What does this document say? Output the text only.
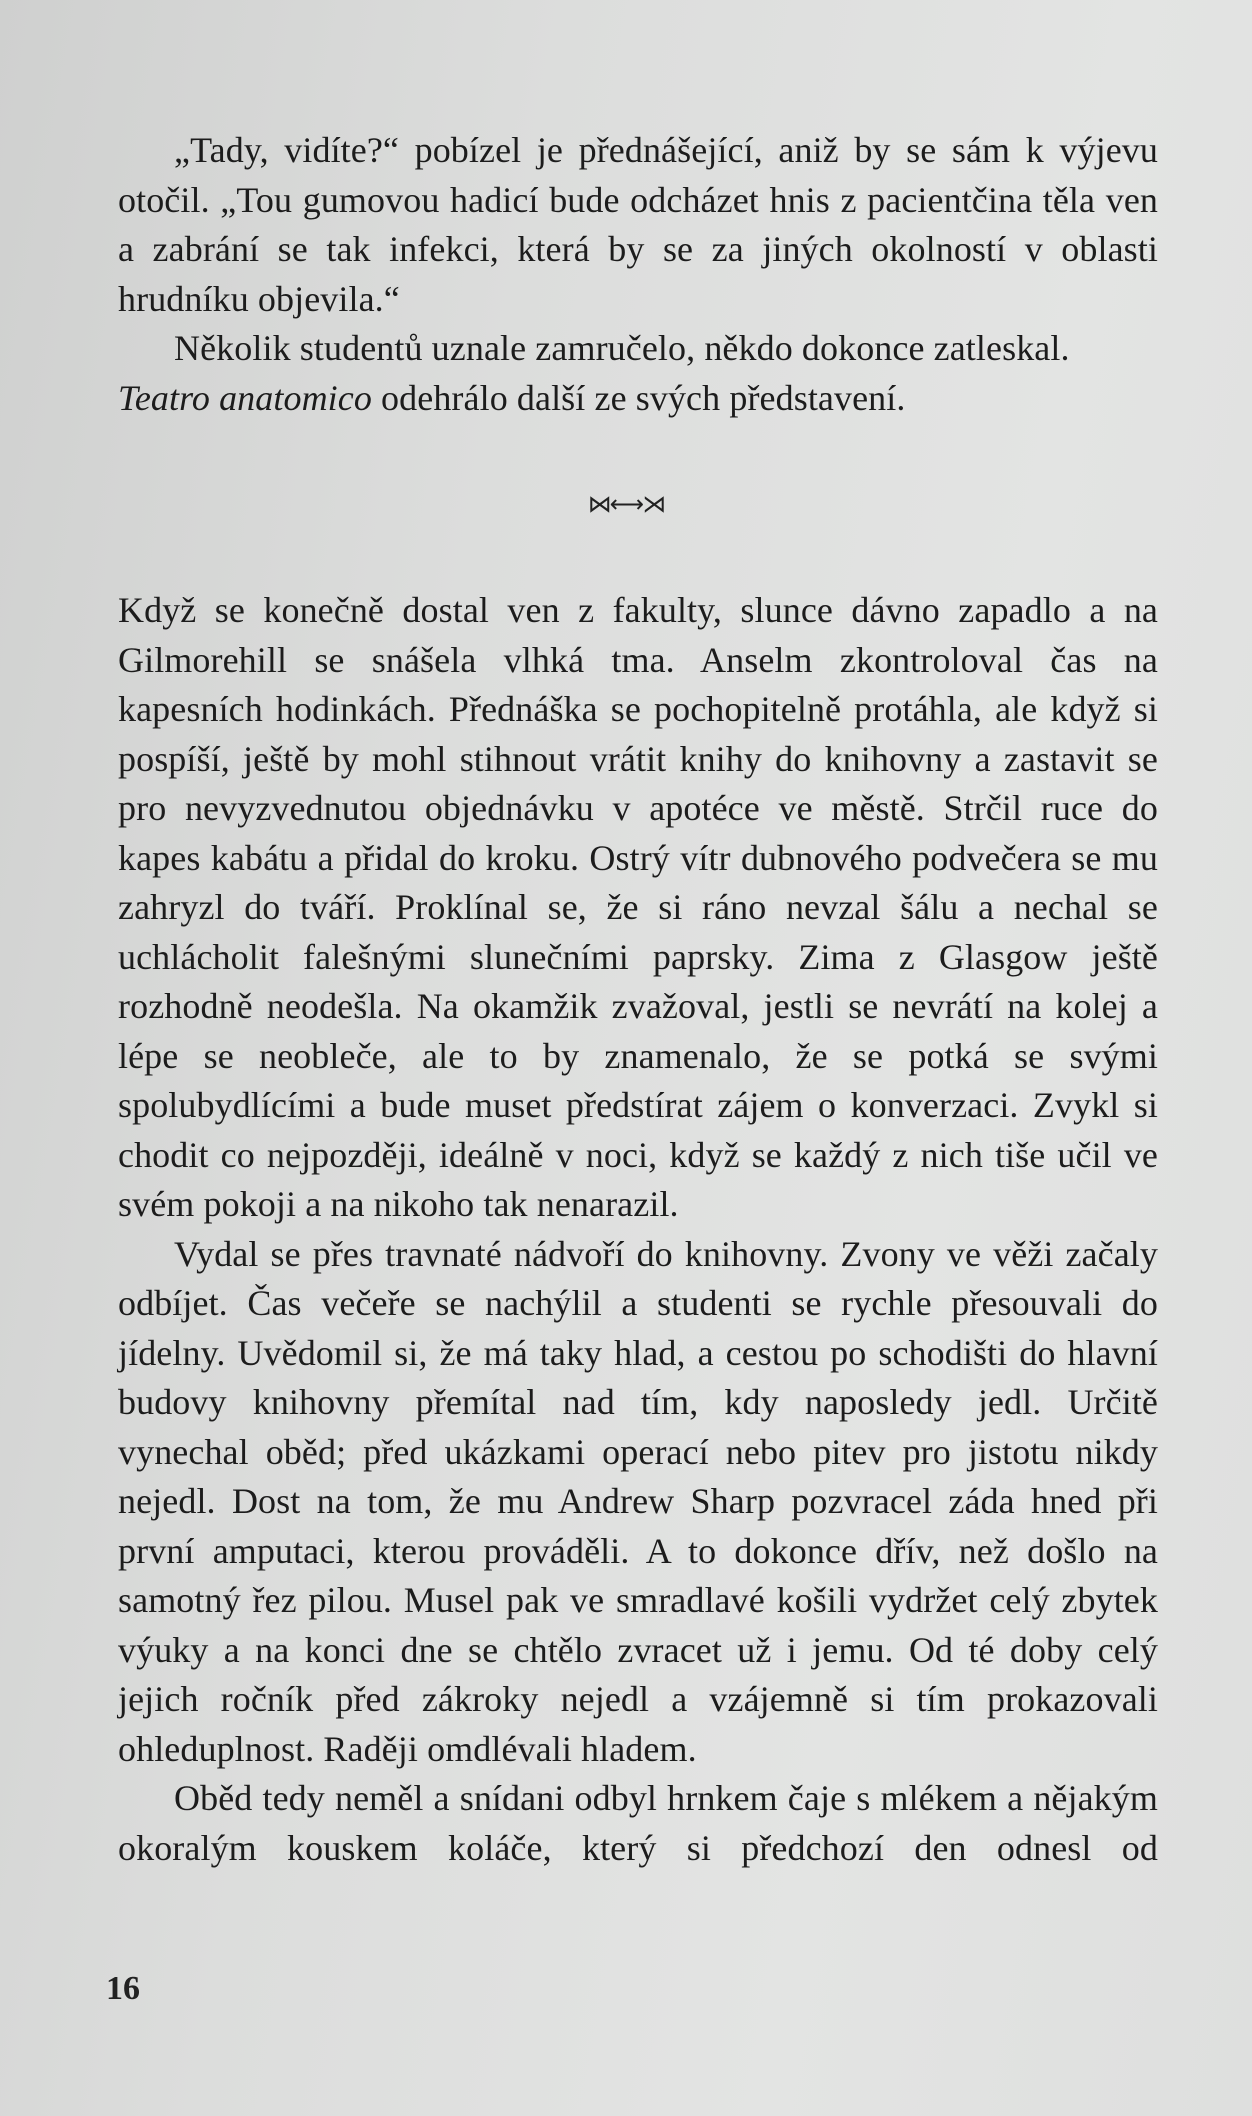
„Tady, vidíte?“ pobízel je přednášející, aniž by se sám k výjevu otočil. „Tou gumovou hadicí bude odcházet hnis z pacientčina těla ven a zabrání se tak infekci, která by se za jiných okolností v oblasti hrudníku objevila.“

Několik studentů uznale zamručelo, někdo dokonce zatleskal.

Teatro anatomico odehrálo další ze svých představení.

⋈⟷⋊

Když se konečně dostal ven z fakulty, slunce dávno zapadlo a na Gilmorehill se snášela vlhká tma. Anselm zkontroloval čas na kapesních hodinkách. Přednáška se pochopitelně protáhla, ale když si pospíší, ještě by mohl stihnout vrátit knihy do knihovny a zastavit se pro nevyzvednutou objednávku v apotéce ve městě. Strčil ruce do kapes kabátu a přidal do kroku. Ostrý vítr dubnového podvečera se mu zahryzl do tváří. Proklínal se, že si ráno nevzal šálu a nechal se uchlácholit falešnými slunečními paprsky. Zima z Glasgow ještě rozhodně neodešla. Na okamžik zvažoval, jestli se nevrátí na kolej a lépe se neobleče, ale to by znamenalo, že se potká se svými spolubydlícími a bude muset předstírat zájem o konverzaci. Zvykl si chodit co nejpozději, ideálně v noci, když se každý z nich tiše učil ve svém pokoji a na nikoho tak nenarazil.

Vydal se přes travnaté nádvoří do knihovny. Zvony ve věži začaly odbíjet. Čas večeře se nachýlil a studenti se rychle přesouvali do jídelny. Uvědomil si, že má taky hlad, a cestou po schodišti do hlavní budovy knihovny přemítal nad tím, kdy naposledy jedl. Určitě vynechal oběd; před ukázkami operací nebo pitev pro jistotu nikdy nejedl. Dost na tom, že mu Andrew Sharp pozvracel záda hned při první amputaci, kterou prováděli. A to dokonce dřív, než došlo na samotný řez pilou. Musel pak ve smradlavé košili vydržet celý zbytek výuky a na konci dne se chtělo zvracet už i jemu. Od té doby celý jejich ročník před zákroky nejedl a vzájemně si tím prokazovali ohleduplnost. Raději omdlévali hladem.

Oběd tedy neměl a snídani odbyl hrnkem čaje s mlékem a nějakým okoralým kouskem koláče, který si předchozí den odnesl od

16
